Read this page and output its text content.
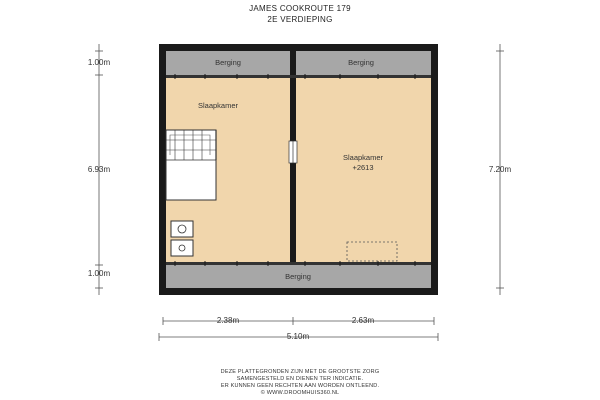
JAMES COOKROUTE 179
2E VERDIEPING
Berging	Berging
Berging
Slaapkamer
Slaapkamer
+2613
1.00m
6.93m
1.00m
7.20m
2.38m	2.63m
5.10m
DEZE PLATTEGRONDEN ZIJN MET DE GROOTSTE ZORG
SAMENGESTELD EN DIENEN TER INDICATIE.
ER KUNNEN GEEN RECHTEN AAN WORDEN ONTLEEND.
© WWW.DROOMHUIS360.NL
